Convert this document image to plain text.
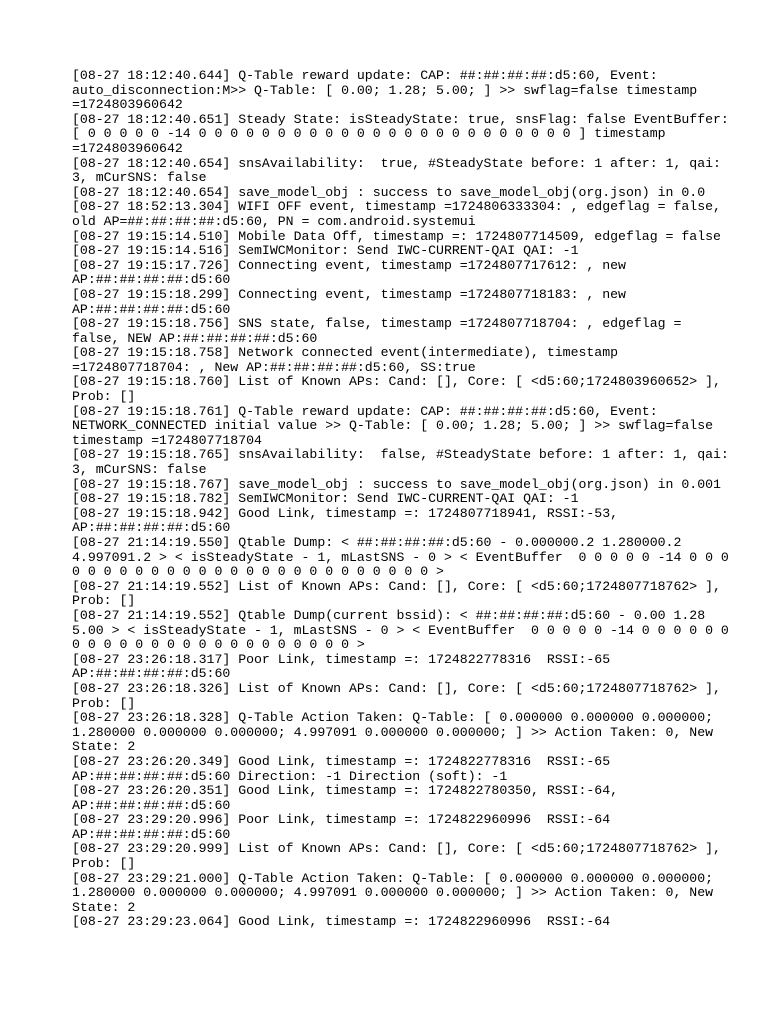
[08-27 18:12:40.644] Q-Table reward update: CAP: ##:##:##:##:d5:60, Event:
auto_disconnection:M>> Q-Table: [ 0.00; 1.28; 5.00; ] >> swflag=false timestamp
=1724803960642
[08-27 18:12:40.651] Steady State: isSteadyState: true, snsFlag: false EventBuffer:
[ 0 0 0 0 0 -14 0 0 0 0 0 0 0 0 0 0 0 0 0 0 0 0 0 0 0 0 0 0 0 0 ] timestamp
=1724803960642
[08-27 18:12:40.654] snsAvailability:  true, #SteadyState before: 1 after: 1, qai:
3, mCurSNS: false
[08-27 18:12:40.654] save_model_obj : success to save_model_obj(org.json) in 0.0
[08-27 18:52:13.304] WIFI OFF event, timestamp =1724806333304: , edgeflag = false,
old AP=##:##:##:##:d5:60, PN = com.android.systemui
[08-27 19:15:14.510] Mobile Data Off, timestamp =: 1724807714509, edgeflag = false
[08-27 19:15:14.516] SemIWCMonitor: Send IWC-CURRENT-QAI QAI: -1
[08-27 19:15:17.726] Connecting event, timestamp =1724807717612: , new
AP:##:##:##:##:d5:60
[08-27 19:15:18.299] Connecting event, timestamp =1724807718183: , new
AP:##:##:##:##:d5:60
[08-27 19:15:18.756] SNS state, false, timestamp =1724807718704: , edgeflag =
false, NEW AP:##:##:##:##:d5:60
[08-27 19:15:18.758] Network connected event(intermediate), timestamp
=1724807718704: , New AP:##:##:##:##:d5:60, SS:true
[08-27 19:15:18.760] List of Known APs: Cand: [], Core: [ <d5:60;1724803960652> ],
Prob: []
[08-27 19:15:18.761] Q-Table reward update: CAP: ##:##:##:##:d5:60, Event:
NETWORK_CONNECTED initial value >> Q-Table: [ 0.00; 1.28; 5.00; ] >> swflag=false
timestamp =1724807718704
[08-27 19:15:18.765] snsAvailability:  false, #SteadyState before: 1 after: 1, qai:
3, mCurSNS: false
[08-27 19:15:18.767] save_model_obj : success to save_model_obj(org.json) in 0.001
[08-27 19:15:18.782] SemIWCMonitor: Send IWC-CURRENT-QAI QAI: -1
[08-27 19:15:18.942] Good Link, timestamp =: 1724807718941, RSSI:-53,
AP:##:##:##:##:d5:60
[08-27 21:14:19.550] Qtable Dump: < ##:##:##:##:d5:60 - 0.000000.2 1.280000.2
4.997091.2 > < isSteadyState - 1, mLastSNS - 0 > < EventBuffer  0 0 0 0 0 -14 0 0 0
0 0 0 0 0 0 0 0 0 0 0 0 0 0 0 0 0 0 0 0 0 0 0 >
[08-27 21:14:19.552] List of Known APs: Cand: [], Core: [ <d5:60;1724807718762> ],
Prob: []
[08-27 21:14:19.552] Qtable Dump(current bssid): < ##:##:##:##:d5:60 - 0.00 1.28
5.00 > < isSteadyState - 1, mLastSNS - 0 > < EventBuffer  0 0 0 0 0 -14 0 0 0 0 0 0
0 0 0 0 0 0 0 0 0 0 0 0 0 0 0 0 0 0 >
[08-27 23:26:18.317] Poor Link, timestamp =: 1724822778316  RSSI:-65
AP:##:##:##:##:d5:60
[08-27 23:26:18.326] List of Known APs: Cand: [], Core: [ <d5:60;1724807718762> ],
Prob: []
[08-27 23:26:18.328] Q-Table Action Taken: Q-Table: [ 0.000000 0.000000 0.000000;
1.280000 0.000000 0.000000; 4.997091 0.000000 0.000000; ] >> Action Taken: 0, New
State: 2
[08-27 23:26:20.349] Good Link, timestamp =: 1724822778316  RSSI:-65
AP:##:##:##:##:d5:60 Direction: -1 Direction (soft): -1
[08-27 23:26:20.351] Good Link, timestamp =: 1724822780350, RSSI:-64,
AP:##:##:##:##:d5:60
[08-27 23:29:20.996] Poor Link, timestamp =: 1724822960996  RSSI:-64
AP:##:##:##:##:d5:60
[08-27 23:29:20.999] List of Known APs: Cand: [], Core: [ <d5:60;1724807718762> ],
Prob: []
[08-27 23:29:21.000] Q-Table Action Taken: Q-Table: [ 0.000000 0.000000 0.000000;
1.280000 0.000000 0.000000; 4.997091 0.000000 0.000000; ] >> Action Taken: 0, New
State: 2
[08-27 23:29:23.064] Good Link, timestamp =: 1724822960996  RSSI:-64
